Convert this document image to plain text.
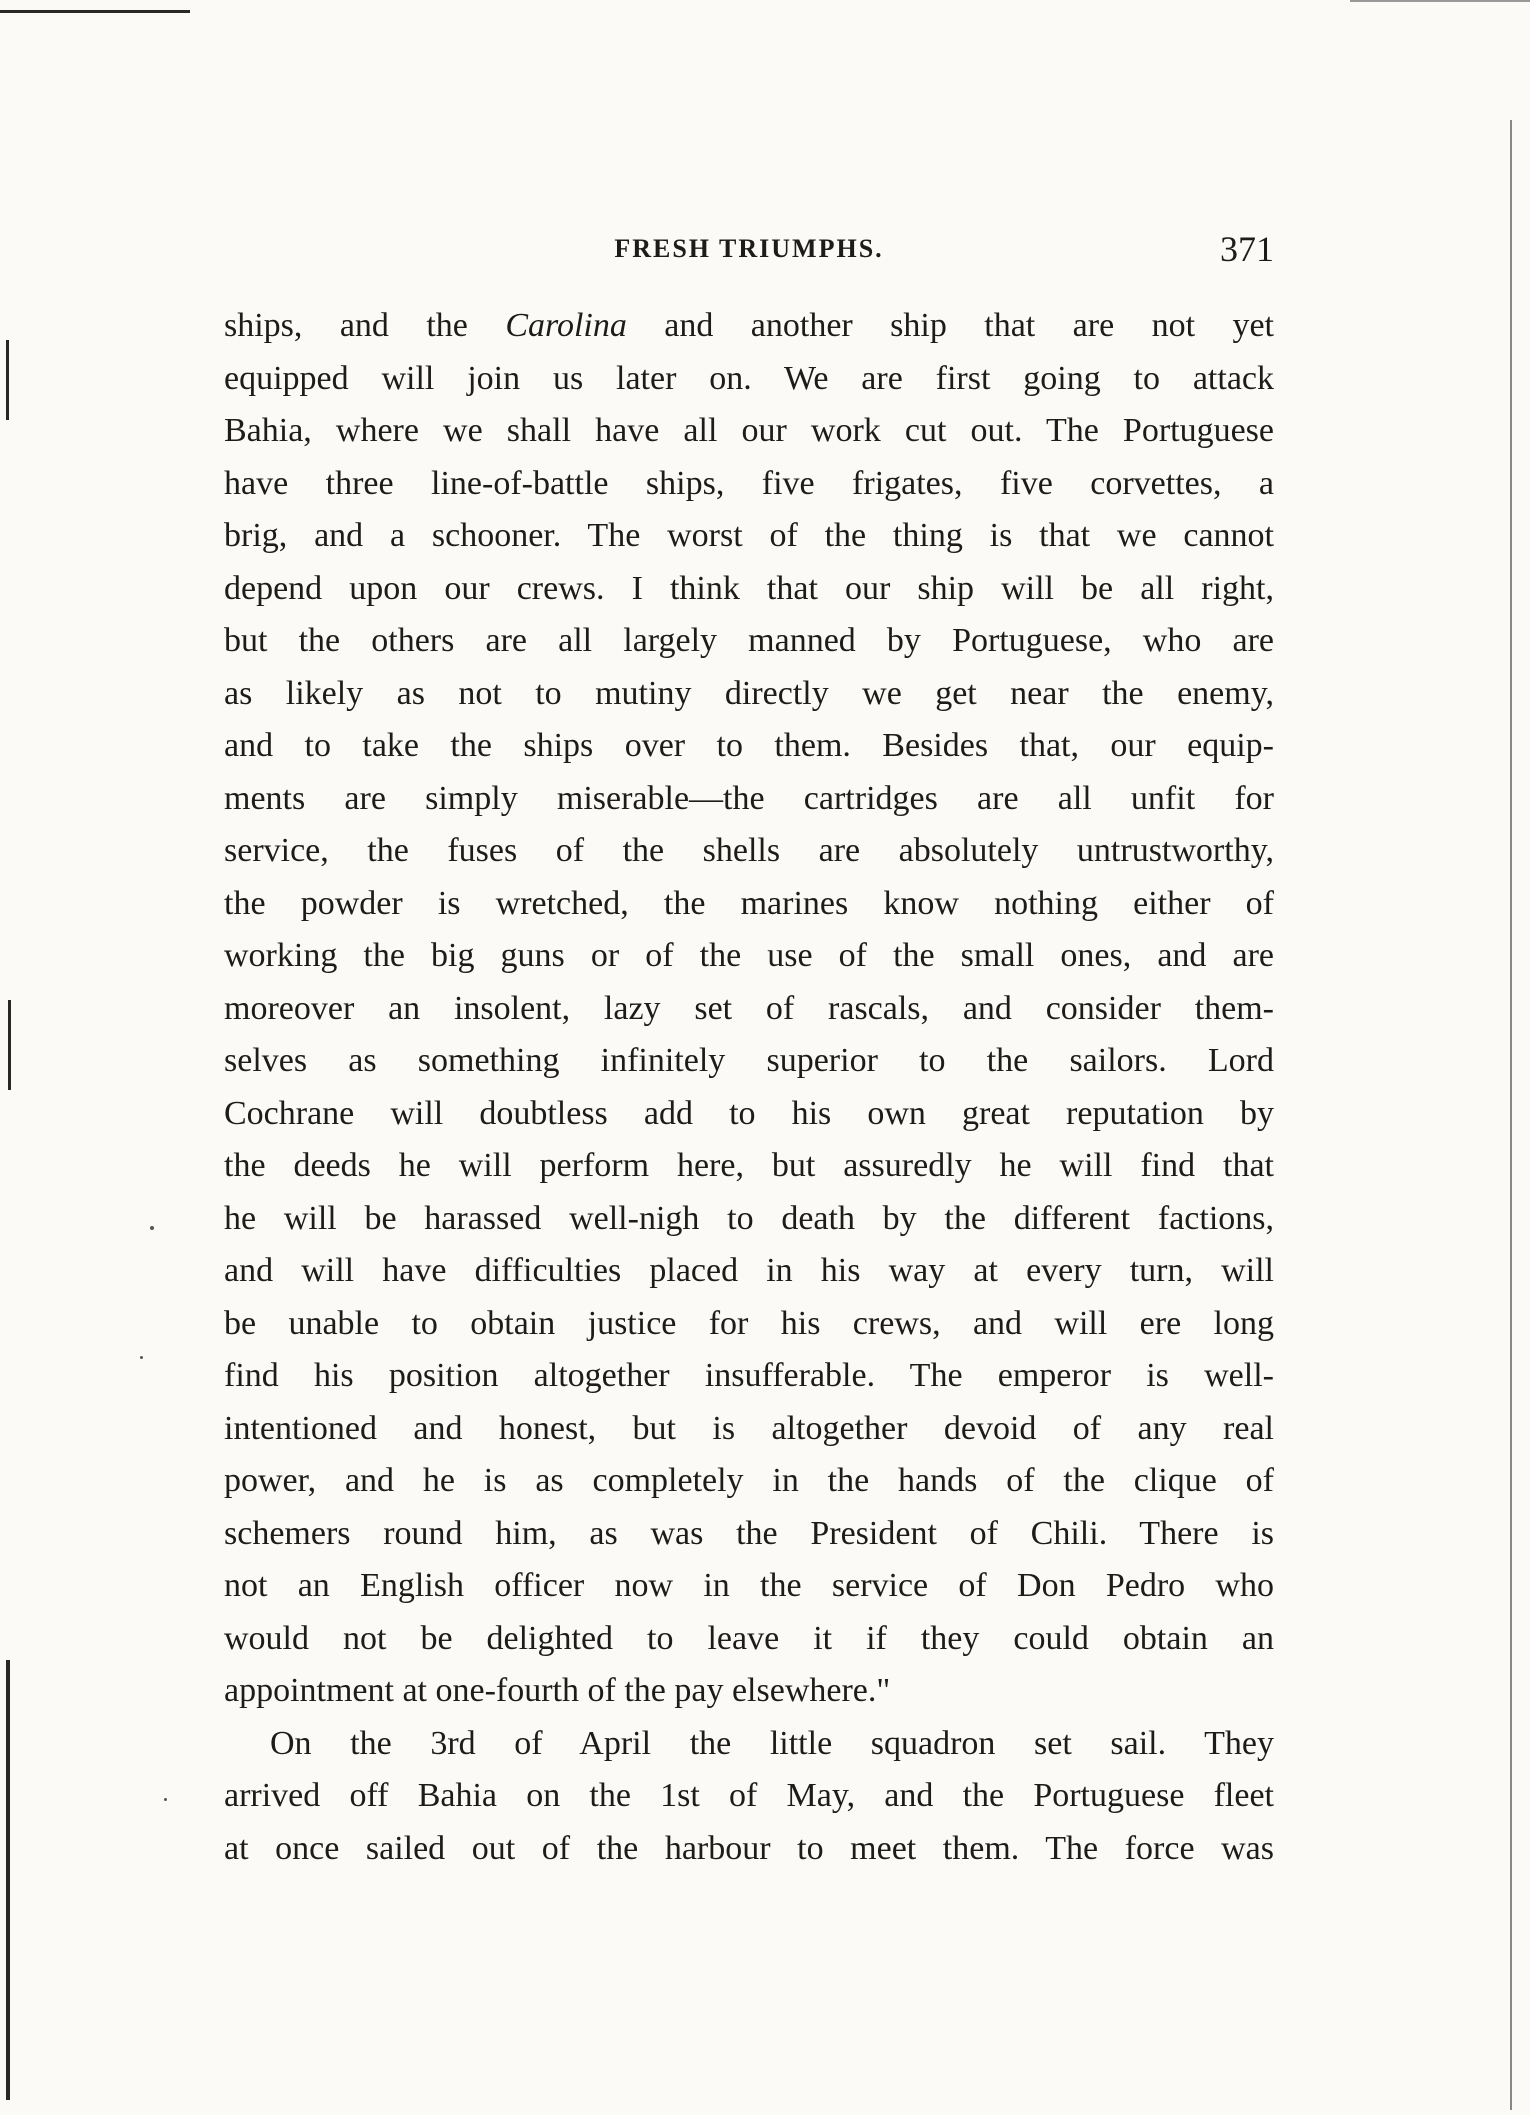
FRESH TRIUMPHS.	371
ships, and the Carolina and another ship that are not yet
equipped will join us later on. We are first going to attack
Bahia, where we shall have all our work cut out. The Portuguese
have three line-of-battle ships, five frigates, five corvettes, a
brig, and a schooner. The worst of the thing is that we cannot
depend upon our crews. I think that our ship will be all right,
but the others are all largely manned by Portuguese, who are
as likely as not to mutiny directly we get near the enemy,
and to take the ships over to them. Besides that, our equip-
ments are simply miserable—the cartridges are all unfit for
service, the fuses of the shells are absolutely untrustworthy,
the powder is wretched, the marines know nothing either of
working the big guns or of the use of the small ones, and are
moreover an insolent, lazy set of rascals, and consider them-
selves as something infinitely superior to the sailors. Lord
Cochrane will doubtless add to his own great reputation by
the deeds he will perform here, but assuredly he will find that
he will be harassed well-nigh to death by the different factions,
and will have difficulties placed in his way at every turn, will
be unable to obtain justice for his crews, and will ere long
find his position altogether insufferable. The emperor is well-
intentioned and honest, but is altogether devoid of any real
power, and he is as completely in the hands of the clique of
schemers round him, as was the President of Chili. There is
not an English officer now in the service of Don Pedro who
would not be delighted to leave it if they could obtain an
appointment at one-fourth of the pay elsewhere."
On the 3rd of April the little squadron set sail. They
arrived off Bahia on the 1st of May, and the Portuguese fleet
at once sailed out of the harbour to meet them. The force was
